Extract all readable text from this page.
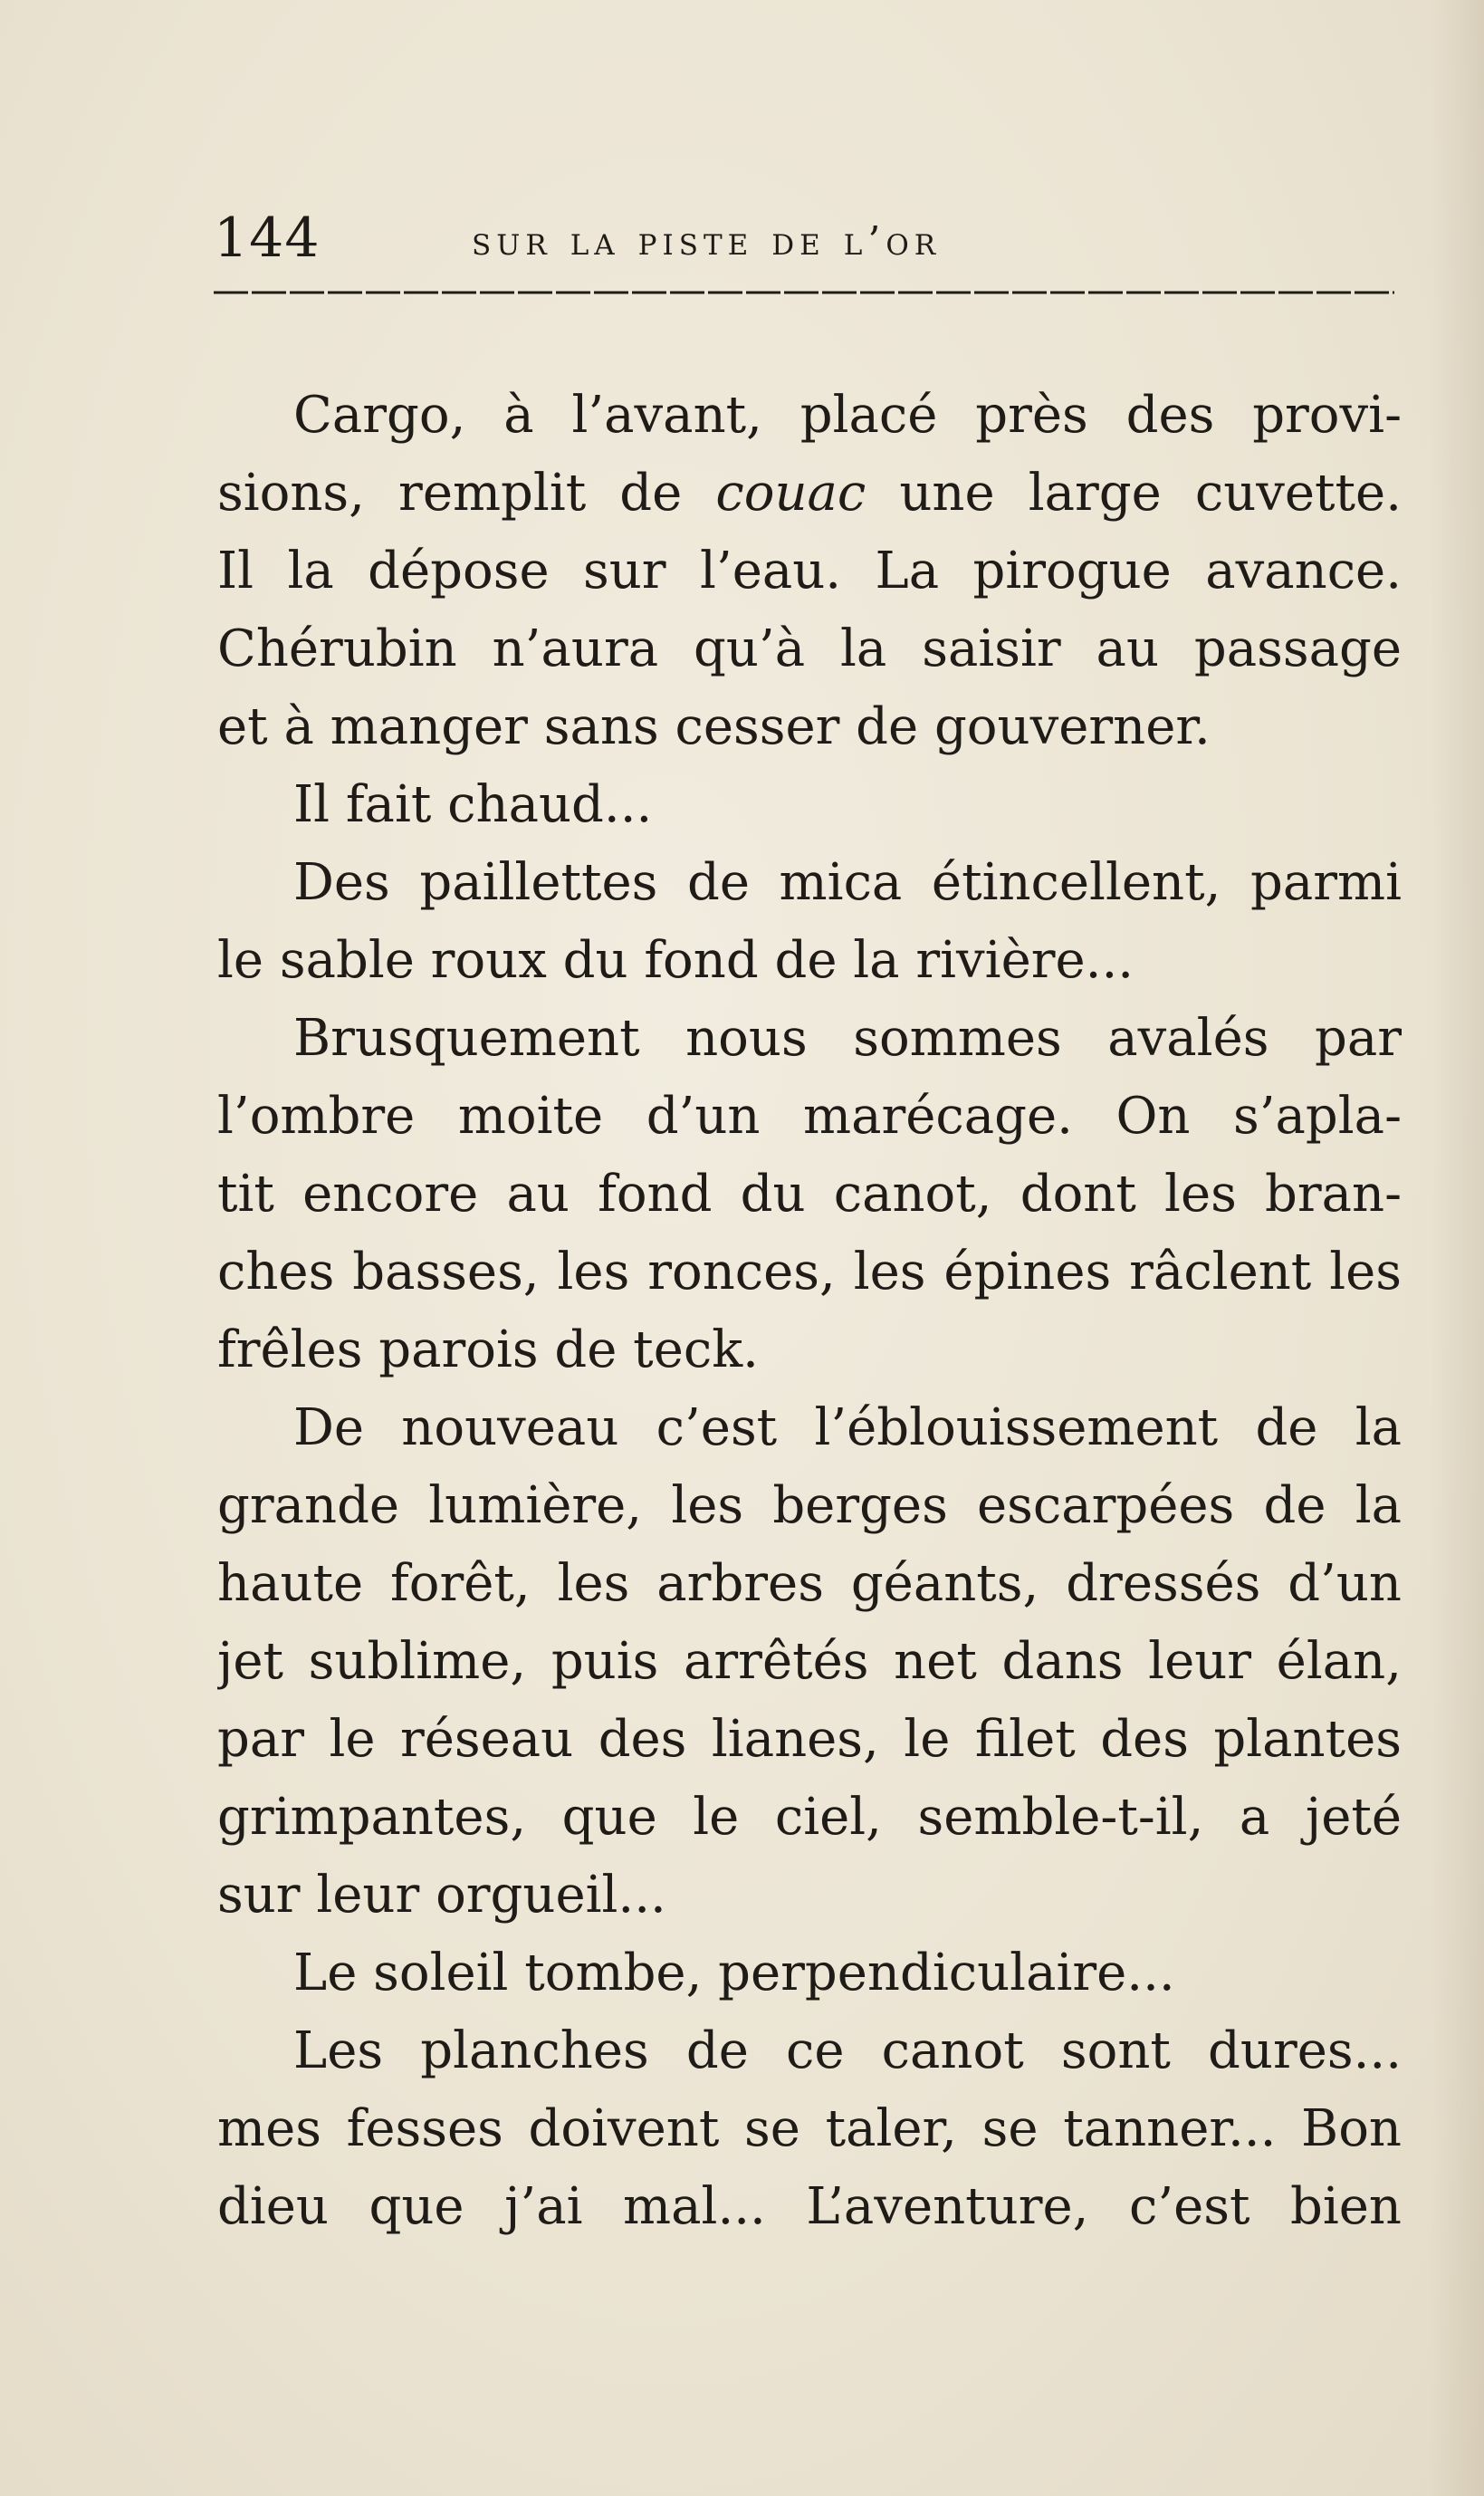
144	sur la piste de l’or
Cargo, à l’avant, placé près des provi-
sions, remplit de couac une large cuvette.
Il la dépose sur l’eau. La pirogue avance.
Chérubin n’aura qu’à la saisir au passage
et à manger sans cesser de gouverner.
Il fait chaud...
Des paillettes de mica étincellent, parmi
le sable roux du fond de la rivière...
Brusquement nous sommes avalés par
l’ombre moite d’un marécage. On s’apla-
tit encore au fond du canot, dont les bran-
ches basses, les ronces, les épines râclent les
frêles parois de teck.
De nouveau c’est l’éblouissement de la
grande lumière, les berges escarpées de la
haute forêt, les arbres géants, dressés d’un
jet sublime, puis arrêtés net dans leur élan,
par le réseau des lianes, le filet des plantes
grimpantes, que le ciel, semble-t-il, a jeté
sur leur orgueil...
Le soleil tombe, perpendiculaire...
Les planches de ce canot sont dures...
mes fesses doivent se taler, se tanner... Bon
dieu que j’ai mal... L’aventure, c’est bien
